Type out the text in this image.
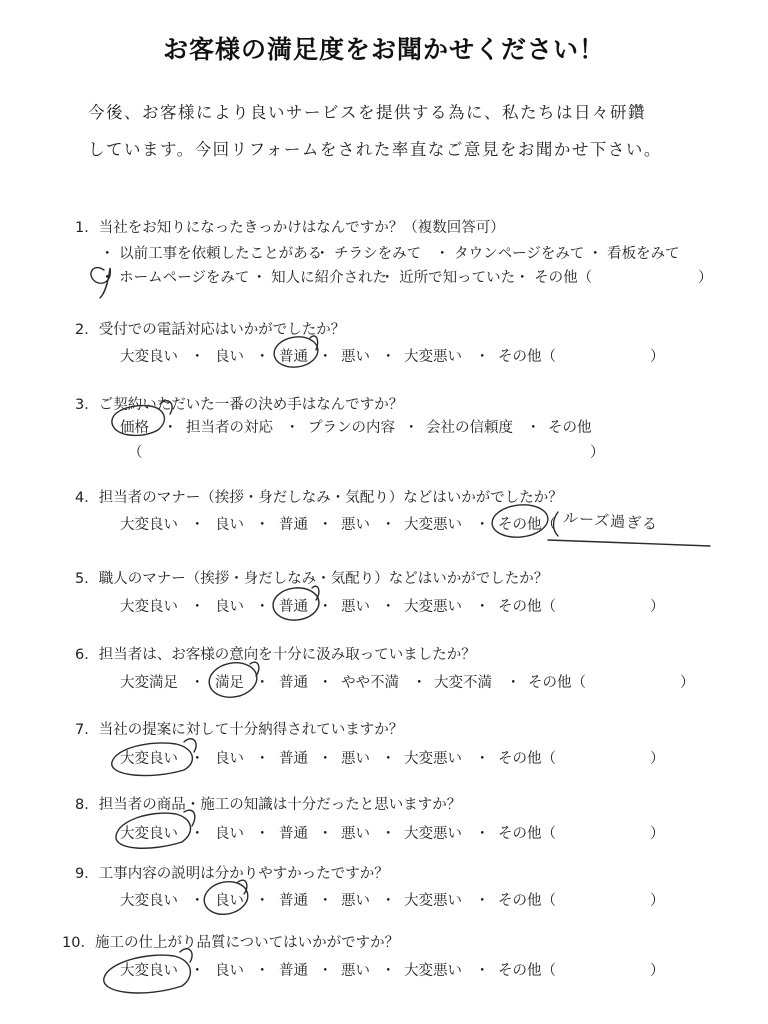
お客様の満足度をお聞かせください！
今後、お客様により良いサービスを提供する為に、私たちは日々研鑽
しています。今回リフォームをされた率直なご意見をお聞かせ下さい。
1．当社をお知りになったきっかけはなんですか？（複数回答可）
・ 以前工事を依頼したことがある
・ チラシをみて ・ タウンページをみて ・ 看板をみて
・ ホームページをみて ・ 知人に紹介された
・ 近所で知っていた ・ その他（	）
2．受付での電話対応はいかがでしたか？
大変良い ・ 良い ・ 普通 ・ 悪い ・ 大変悪い ・ その他（	）
3．ご契約いただいた一番の決め手はなんですか？
価格 ・ 担当者の対応 ・ プランの内容 ・ 会社の信頼度 ・ その他
（	）
4．担当者のマナー（挨拶・身だしなみ・気配り）などはいかがでしたか？
大変良い ・ 良い ・ 普通 ・ 悪い ・ 大変悪い ・ その他（
5．職人のマナー（挨拶・身だしなみ・気配り）などはいかがでしたか？
大変良い ・ 良い ・ 普通 ・ 悪い ・ 大変悪い ・ その他（	）
6．担当者は、お客様の意向を十分に汲み取っていましたか？
大変満足 ・ 満足 ・ 普通 ・ やや不満 ・ 大変不満 ・ その他（	）
7．当社の提案に対して十分納得されていますか？
大変良い ・ 良い ・ 普通 ・ 悪い ・ 大変悪い ・ その他（	）
8．担当者の商品・施工の知識は十分だったと思いますか？
大変良い ・ 良い ・ 普通 ・ 悪い ・ 大変悪い ・ その他（	）
9．工事内容の説明は分かりやすかったですか？
大変良い ・ 良い ・ 普通 ・ 悪い ・ 大変悪い ・ その他（	）
10．施工の仕上がり品質についてはいかがですか？
大変良い ・ 良い ・ 普通 ・ 悪い ・ 大変悪い ・ その他（	）
ルーズ過ぎる
